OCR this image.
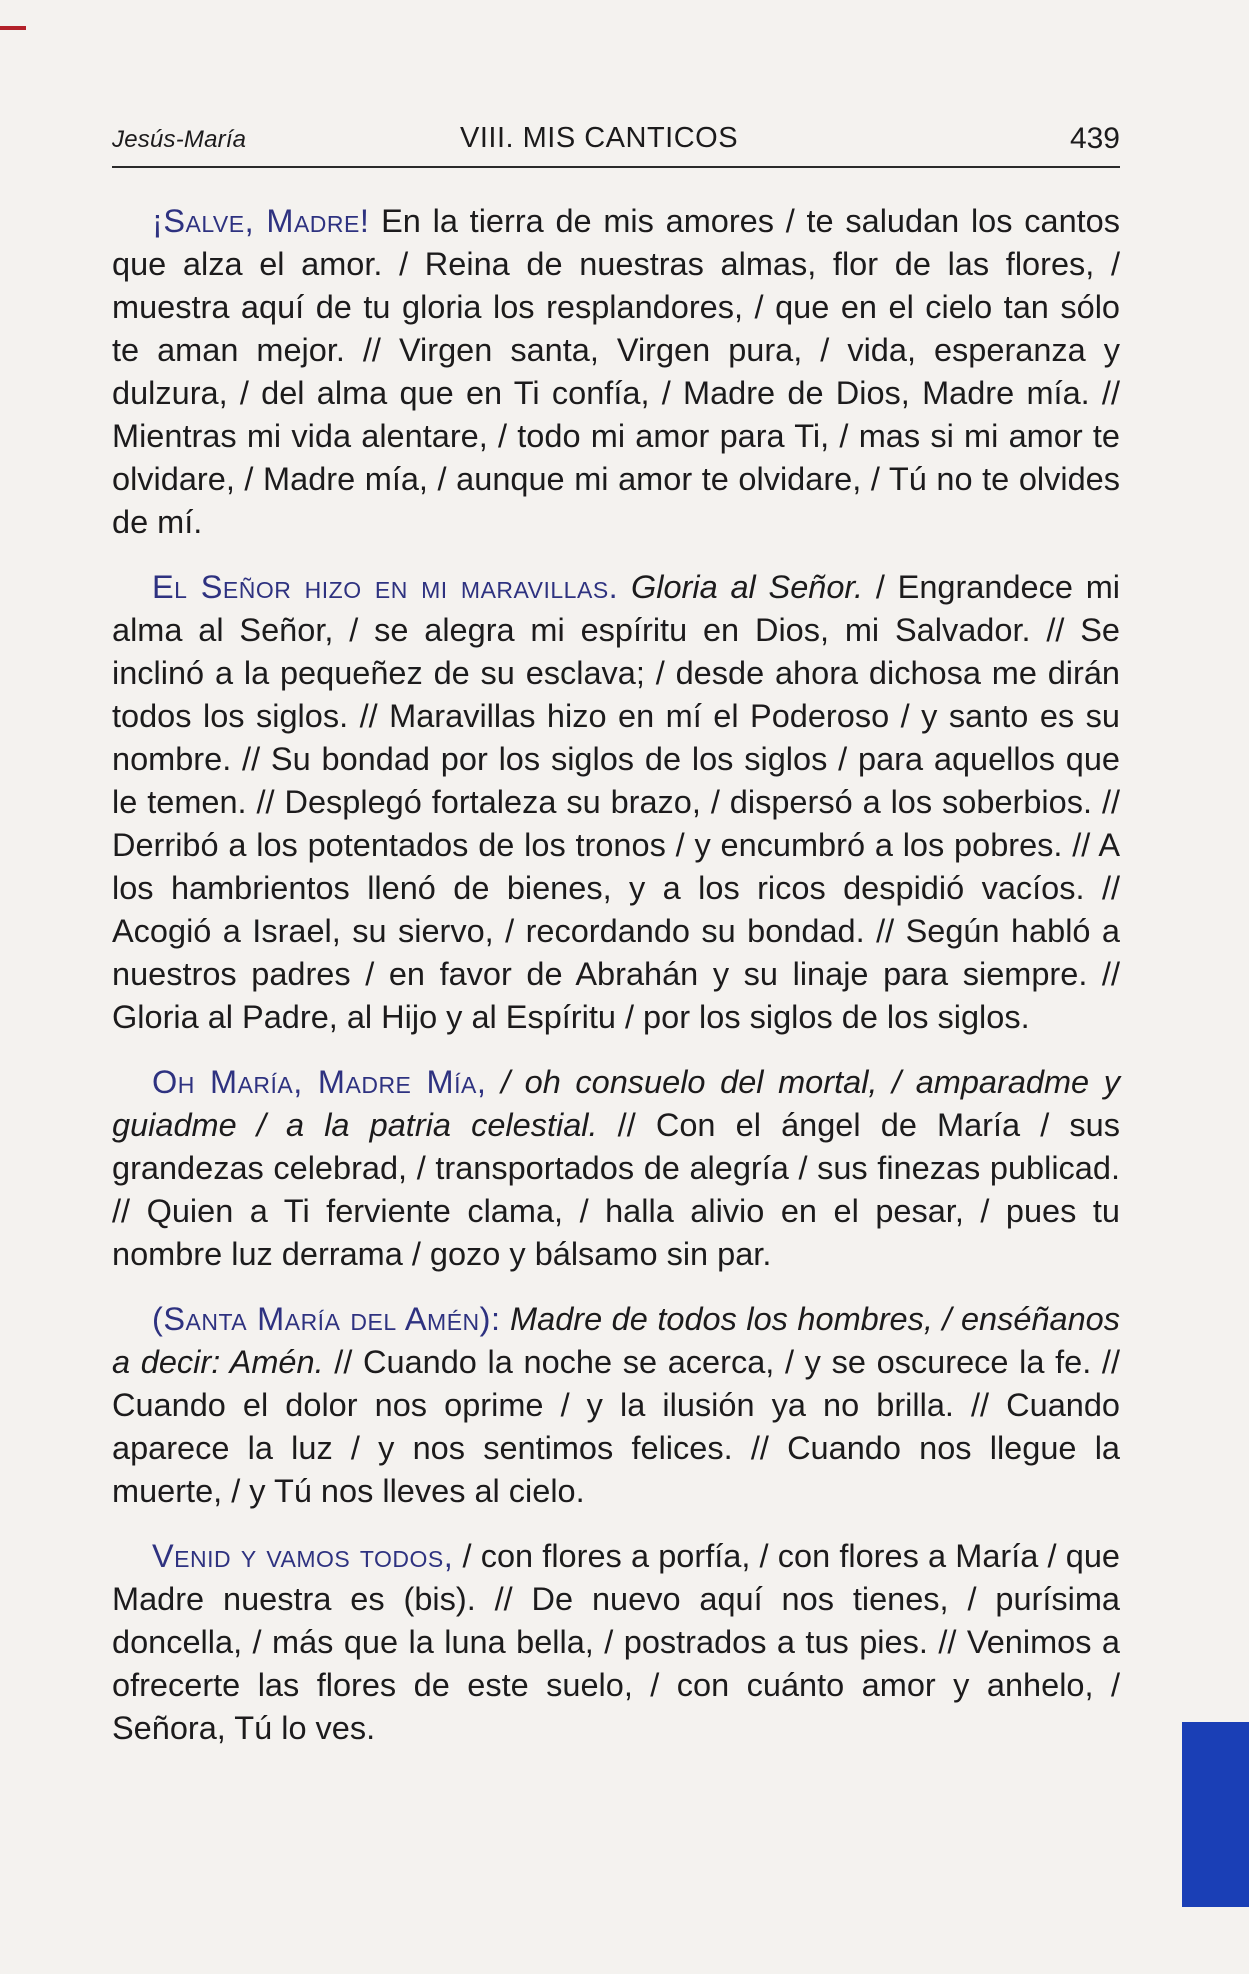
Jesús-María	VIII. MIS CANTICOS	439

¡Salve, Madre! En la tierra de mis amores / te saludan los cantos que alza el amor. / Reina de nuestras almas, flor de las flores, / muestra aquí de tu gloria los resplandores, / que en el cielo tan sólo te aman mejor. // Virgen santa, Virgen pura, / vida, esperanza y dulzura, / del alma que en Ti confía, / Madre de Dios, Madre mía. // Mientras mi vida alentare, / todo mi amor para Ti, / mas si mi amor te olvidare, / Madre mía, / aunque mi amor te olvidare, / Tú no te olvides de mí.

El Señor hizo en mi maravillas. Gloria al Señor. / Engrandece mi alma al Señor, / se alegra mi espíritu en Dios, mi Salvador. // Se inclinó a la pequeñez de su esclava; / desde ahora dichosa me dirán todos los siglos. // Maravillas hizo en mí el Poderoso / y santo es su nombre. // Su bondad por los siglos de los siglos / para aquellos que le temen. // Desplegó fortaleza su brazo, / dispersó a los soberbios. // Derribó a los potentados de los tronos / y encumbró a los pobres. // A los hambrientos llenó de bienes, y a los ricos despidió vacíos. // Acogió a Israel, su siervo, / recordando su bondad. // Según habló a nuestros padres / en favor de Abrahán y su linaje para siempre. // Gloria al Padre, al Hijo y al Espíritu / por los siglos de los siglos.

Oh María, Madre Mía, / oh consuelo del mortal, / amparadme y guiadme / a la patria celestial. // Con el ángel de María / sus grandezas celebrad, / transportados de alegría / sus finezas publicad. // Quien a Ti ferviente clama, / halla alivio en el pesar, / pues tu nombre luz derrama / gozo y bálsamo sin par.

(Santa María del Amén): Madre de todos los hombres, / enséñanos a decir: Amén. // Cuando la noche se acerca, / y se oscurece la fe. // Cuando el dolor nos oprime / y la ilusión ya no brilla. // Cuando aparece la luz / y nos sentimos felices. // Cuando nos llegue la muerte, / y Tú nos lleves al cielo.

Venid y vamos todos, / con flores a porfía, / con flores a María / que Madre nuestra es (bis). // De nuevo aquí nos tienes, / purísima doncella, / más que la luna bella, / postrados a tus pies. // Venimos a ofrecerte las flores de este suelo, / con cuánto amor y anhelo, / Señora, Tú lo ves.
